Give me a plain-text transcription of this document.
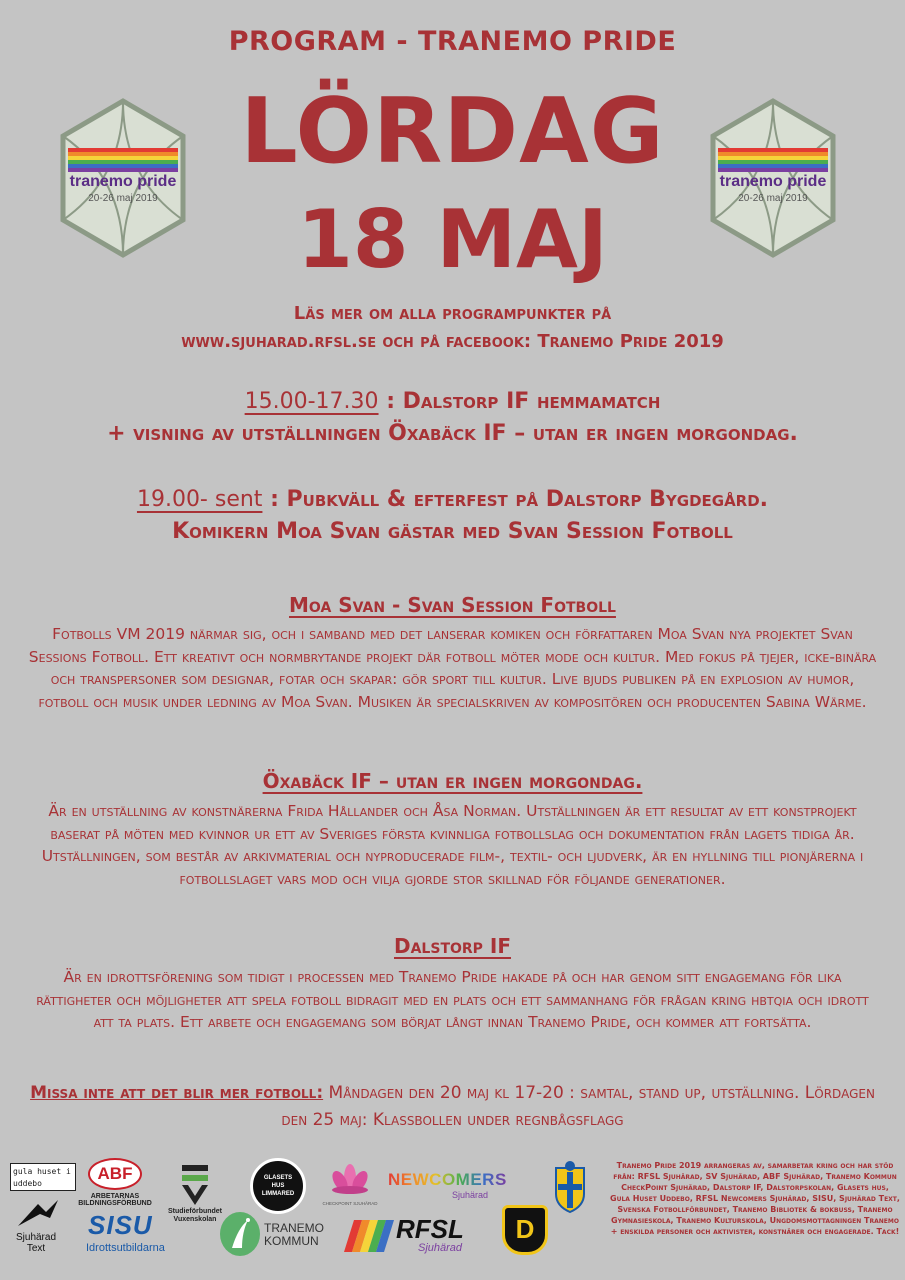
PROGRAM - TRANEMO PRIDE
LÖRDAG
18 MAJ
tranemo pride
20-26 maj 2019
tranemo pride
20-26 maj 2019
Läs mer om alla programpunkter på
www.sjuharad.rfsl.se och på facebook: Tranemo Pride 2019
15.00-17.30 : Dalstorp IF hemmamatch
+ visning av utställningen Öxabäck IF – utan er ingen morgondag.
19.00- sent : Pubkväll & efterfest på Dalstorp Bygdegård.
Komikern Moa Svan gästar med Svan Session Fotboll
Moa Svan - Svan Session Fotboll
Fotbolls VM 2019 närmar sig, och i samband med det lanserar komiken och författaren Moa Svan nya projektet Svan Sessions Fotboll. Ett kreativt och normbrytande projekt där fotboll möter mode och kultur. Med fokus på tjejer, icke-binära och transpersoner som designar, fotar och skapar: gör sport till kultur. Live bjuds publiken på en explosion av humor, fotboll och musik under ledning av Moa Svan. Musiken är specialskriven av kompositören och producenten Sabina Wärme.
Öxabäck IF – utan er ingen morgondag.
Är en utställning av konstnärerna Frida Hållander och Åsa Norman. Utställningen är ett resultat av ett konstprojekt baserat på möten med kvinnor ur ett av Sveriges första kvinnliga fotbollslag och dokumentation från lagets tidiga år. Utställningen, som består av arkivmaterial och nyproducerade film-, textil- och ljudverk, är en hyllning till pionjärerna i fotbollslaget vars mod och vilja gjorde stor skillnad för följande generationer.
Dalstorp IF
Är en idrottsförening som tidigt i processen med Tranemo Pride hakade på och har genom sitt engagemang för lika rättigheter och möjligheter att spela fotboll bidragit med en plats och ett sammanhang för frågan kring hbtqia och idrott att ta plats. Ett arbete och engagemang som börjat långt innan Tranemo Pride, och kommer att fortsätta.
Missa inte att det blir mer fotboll: Måndagen den 20 maj kl 17-20 : samtal, stand up, utställning. Lördagen den 25 maj: Klassbollen under regnbågsflagg
gula huset i uddebo
ABF
ARBETARNAS BILDNINGSFÖRBUND
Studieförbundet Vuxenskolan
GLASETS HUS LIMMARED
CHECKPOINT SJUHÄRAD
NEWCOMERS
Sjuhärad
Sjuhärad Text
SISU
Idrottsutbildarna
TRANEMO
KOMMUN	RFSL
Sjuhärad
D
Tranemo Pride 2019 arrangeras av, samarbetar kring och har stöd från: RFSL Sjuhärad, SV Sjuhärad, ABF Sjuhärad, Tranemo Kommun CheckPoint Sjuhärad, Dalstorp IF, Dalstorpskolan, Glasets hus, Gula Huset Uddebo, RFSL Newcomers Sjuhärad, SISU, Sjuhärad Text, Svenska Fotbollförbundet, Tranemo Bibliotek & bokbuss, Tranemo Gymnasieskola, Tranemo Kulturskola, Ungdomsmottagningen Tranemo + enskilda personer och aktivister, konstnärer och engagerade. Tack!
